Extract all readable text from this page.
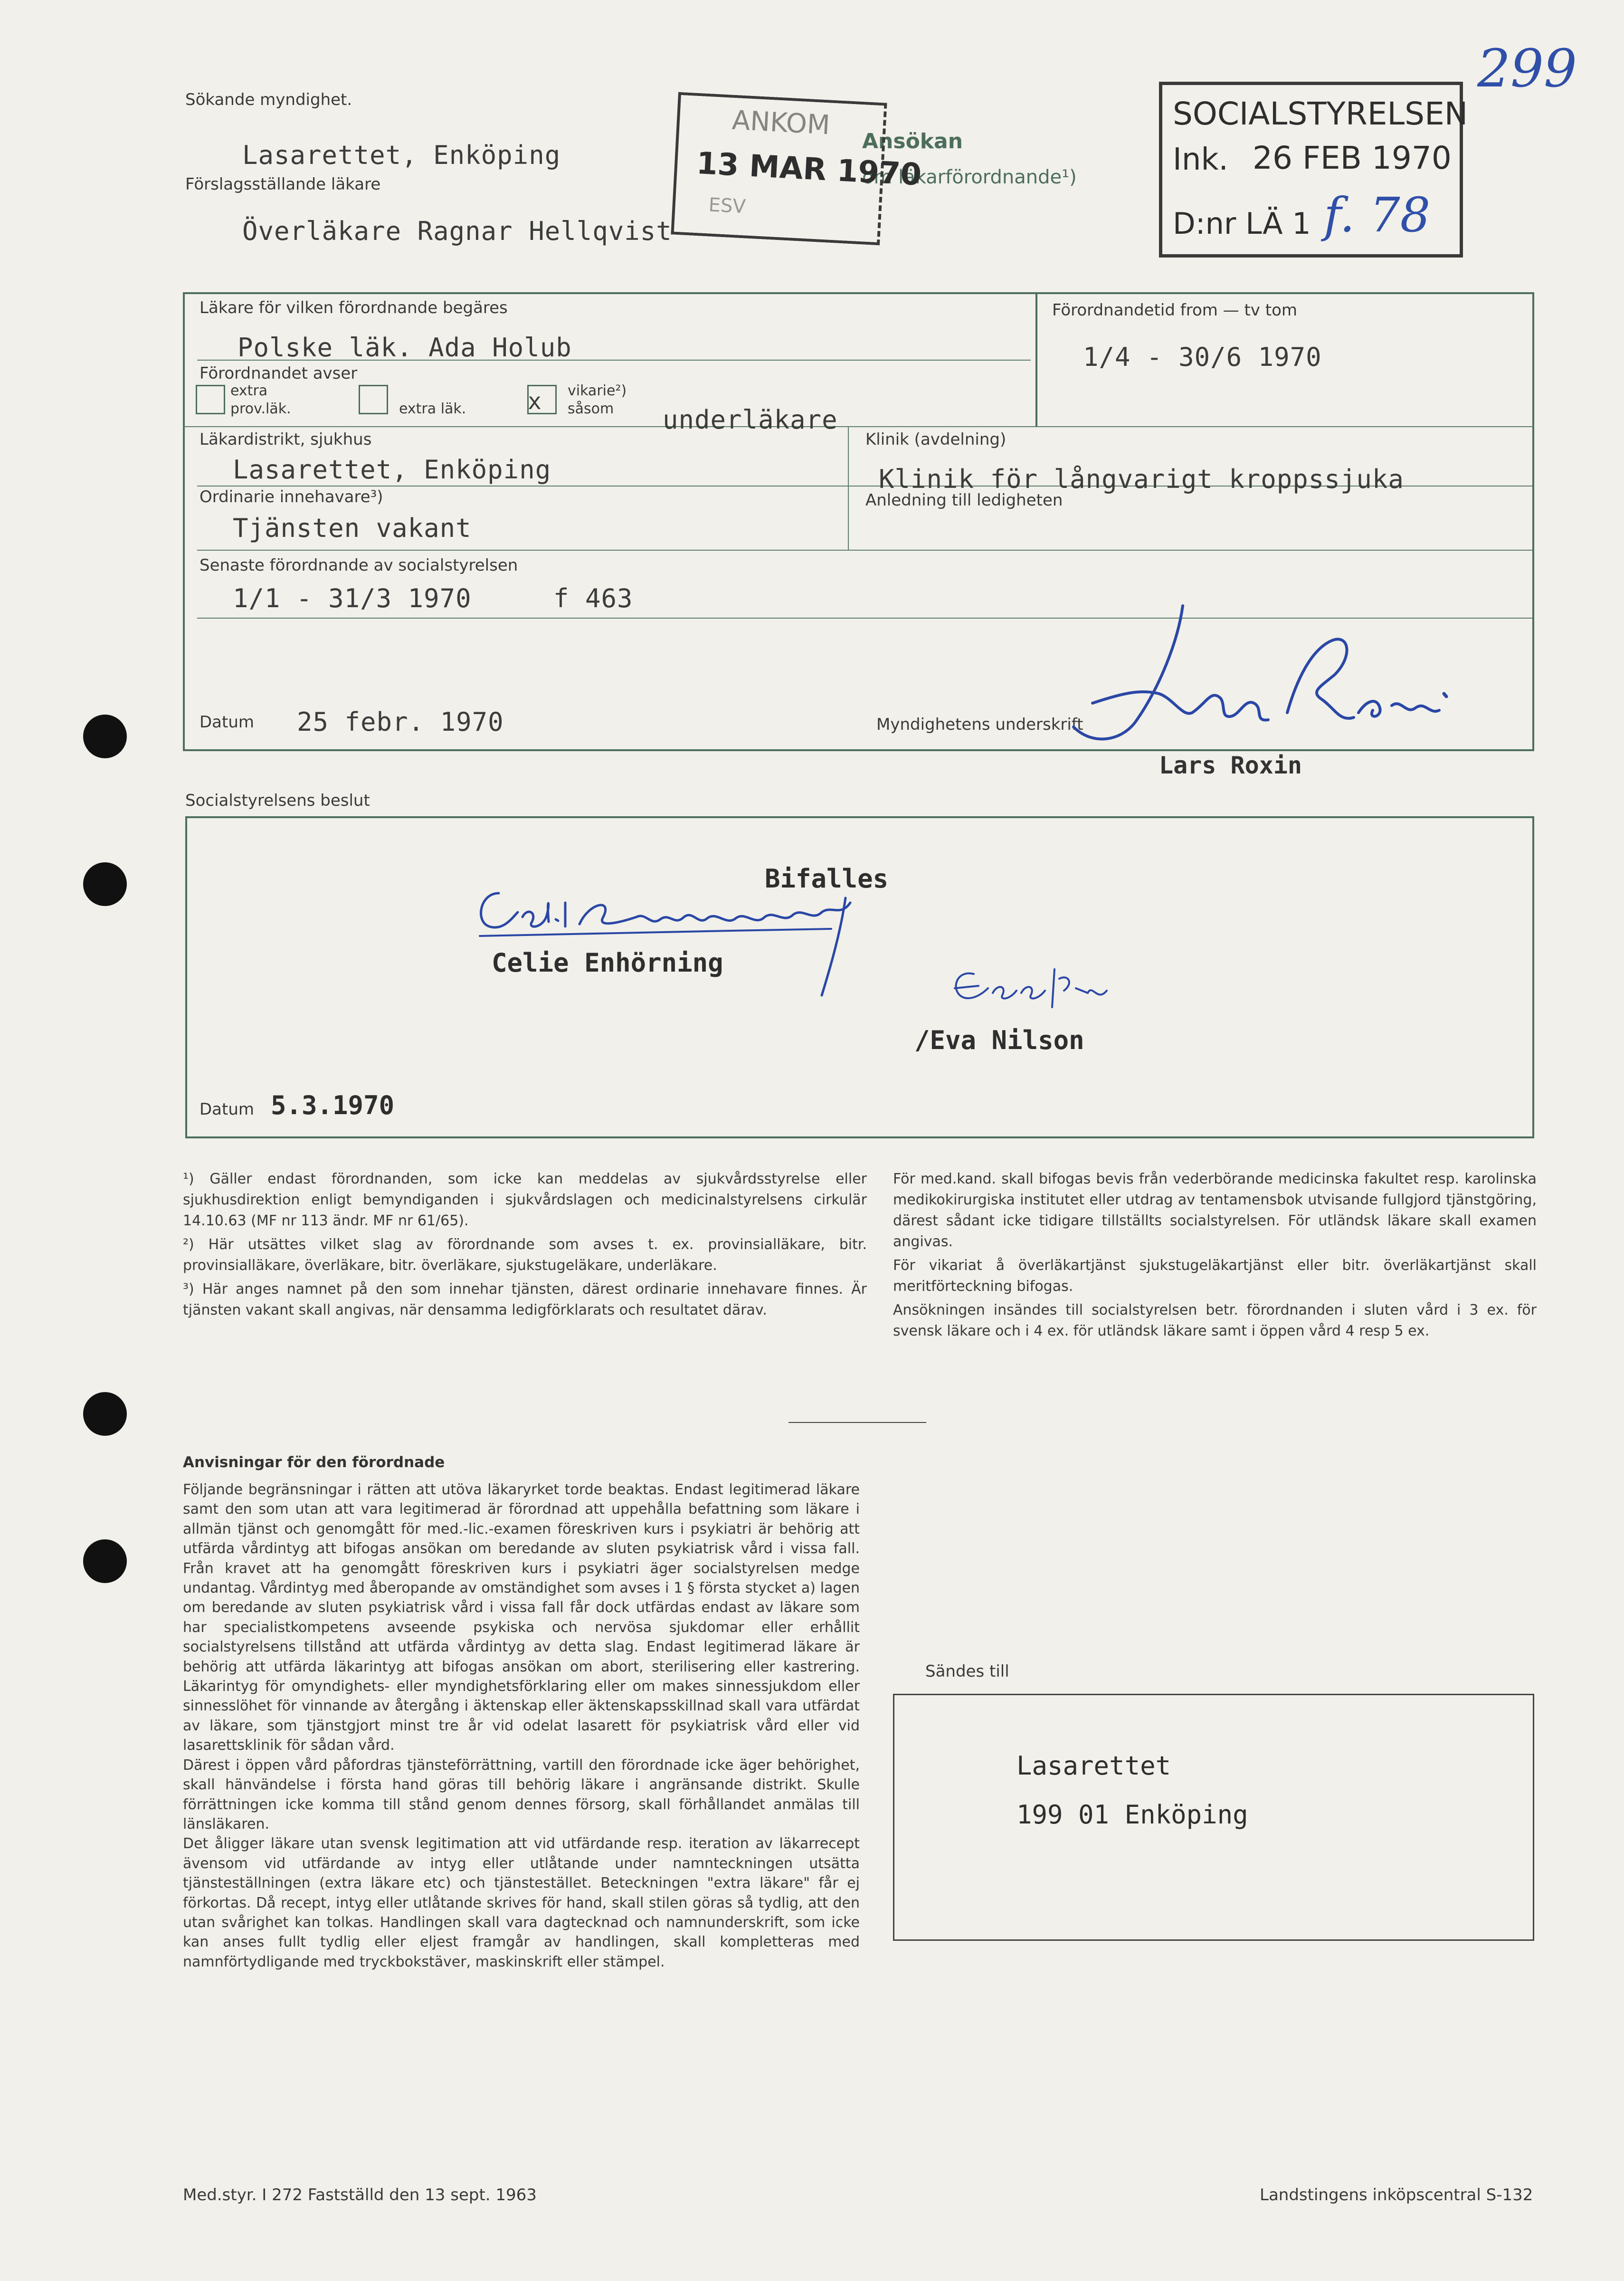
299
Sökande myndighet.
Lasarettet, Enköping
Förslagsställande läkare
Överläkare Ragnar Hellqvist
Ansökan
om läkarförordnande¹)
ANKOM
13 MAR 1970
ESV
SOCIALSTYRELSEN
Ink. 26 FEB 1970
D:nr LÄ 1 f. 78
Läkare för vilken förordnande begäres
Polske läk. Ada Holub
Förordnandetid from — tv tom
1/4 - 30/6 1970
Förordnandet avser
extra
prov.läk.	extra läk.	x vikarie²)
såsom underläkare
Läkardistrikt, sjukhus
Lasarettet, Enköping
Klinik (avdelning)
Klinik för långvarigt kroppssjuka
Ordinarie innehavare³)
Tjänsten vakant
Anledning till ledigheten
Senaste förordnande av socialstyrelsen
1/1 - 31/3 1970	f 463
Datum 25 febr. 1970	Myndighetens underskrift
Lars Roxin
Socialstyrelsens beslut
Bifalles
Celie Enhörning
/Eva Nilson
Datum 5.3.1970

¹) Gäller endast förordnanden, som icke kan meddelas av sjukvårdsstyrelse eller sjukhusdirektion enligt bemyndiganden i sjukvårdslagen och medicinalstyrelsens cirkulär 14.10.63 (MF nr 113 ändr. MF nr 61/65).

²) Här utsättes vilket slag av förordnande som avses t. ex. provinsialläkare, bitr. provinsialläkare, överläkare, bitr. överläkare, sjukstugeläkare, underläkare.

³) Här anges namnet på den som innehar tjänsten, därest ordinarie innehavare finnes. Är tjänsten vakant skall angivas, när densamma ledigförklarats och resultatet därav.

För med.kand. skall bifogas bevis från vederbörande medicinska fakultet resp. karolinska medikokirurgiska institutet eller utdrag av tentamensbok utvisande fullgjord tjänstgöring, därest sådant icke tidigare tillställts socialstyrelsen. För utländsk läkare skall examen angivas.

För vikariat å överläkartjänst sjukstugeläkartjänst eller bitr. överläkartjänst skall meritförteckning bifogas.

Ansökningen insändes till socialstyrelsen betr. förordnanden i sluten vård i 3 ex. för svensk läkare och i 4 ex. för utländsk läkare samt i öppen vård 4 resp 5 ex.

Anvisningar för den förordnade

Följande begränsningar i rätten att utöva läkaryrket torde beaktas. Endast legitimerad läkare samt den som utan att vara legitimerad är förordnad att uppehålla befattning som läkare i allmän tjänst och genomgått för med.-lic.-examen föreskriven kurs i psykiatri är behörig att utfärda vårdintyg att bifogas ansökan om beredande av sluten psykiatrisk vård i vissa fall. Från kravet att ha genomgått föreskriven kurs i psykiatri äger socialstyrelsen medge undantag. Vårdintyg med åberopande av omständighet som avses i 1 § första stycket a) lagen om beredande av sluten psykiatrisk vård i vissa fall får dock utfärdas endast av läkare som har specialistkompetens avseende psykiska och nervösa sjukdomar eller erhållit socialstyrelsens tillstånd att utfärda vårdintyg av detta slag. Endast legitimerad läkare är behörig att utfärda läkarintyg att bifogas ansökan om abort, sterilisering eller kastrering. Läkarintyg för omyndighets- eller myndighetsförklaring eller om makes sinnessjukdom eller sinnesslöhet för vinnande av återgång i äktenskap eller äktenskapsskillnad skall vara utfärdat av läkare, som tjänstgjort minst tre år vid odelat lasarett för psykiatrisk vård eller vid lasarettsklinik för sådan vård.

Därest i öppen vård påfordras tjänsteförrättning, vartill den förordnade icke äger behörighet, skall hänvändelse i första hand göras till behörig läkare i angränsande distrikt. Skulle förrättningen icke komma till stånd genom dennes försorg, skall förhållandet anmälas till länsläkaren.

Det åligger läkare utan svensk legitimation att vid utfärdande resp. iteration av läkarrecept ävensom vid utfärdande av intyg eller utlåtande under namnteckningen utsätta tjänsteställningen (extra läkare etc) och tjänstestället. Beteckningen "extra läkare" får ej förkortas. Då recept, intyg eller utlåtande skrives för hand, skall stilen göras så tydlig, att den utan svårighet kan tolkas. Handlingen skall vara dagtecknad och namnunderskrift, som icke kan anses fullt tydlig eller eljest framgår av handlingen, skall kompletteras med namnförtydligande med tryckbokstäver, maskinskrift eller stämpel.

Sändes till
Lasarettet
199 01 Enköping
Med.styr. I 272 Fastställd den 13 sept. 1963	Landstingens inköpscentral S-132
